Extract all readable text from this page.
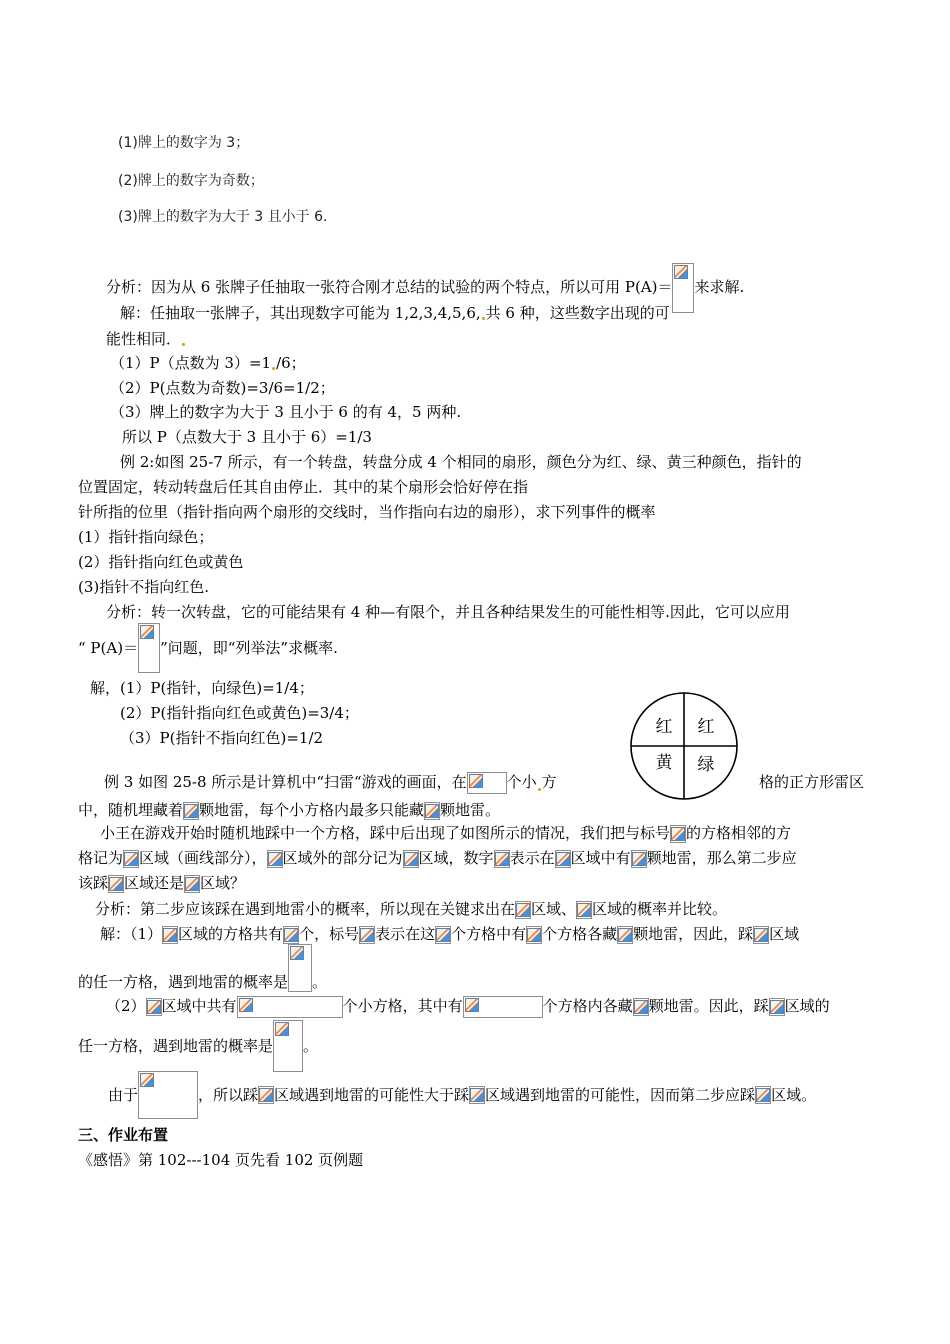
(1)牌上的数字为 3；
(2)牌上的数字为奇数；
(3)牌上的数字为大于 3 且小于 6.
分析：因为从 6 张牌子任抽取一张符合刚才总结的试验的两个特点，所以可用 P(A)＝ 来求解.
解：任抽取一张牌子，其出现数字可能为 1,2,3,4,5,6, 共 6 种，这些数字出现的可
能性相同．
（1）P（点数为 3）=1 /6；
（2）P(点数为奇数)=3/6=1/2；
（3）牌上的数字为大于 3 且小于 6 的有 4，5 两种.
所以 P（点数大于 3 且小于 6）=1/3
例 2:如图 25-7 所示，有一个转盘，转盘分成 4 个相同的扇形，颜色分为红、绿、黄三种颜色，指针的
位置固定，转动转盘后任其自由停止．其中的某个扇形会恰好停在指
针所指的位里（指针指向两个扇形的交线时，当作指向右边的扇形），求下列事件的概率
(1）指针指向绿色；
(2）指针指向红色或黄色
(3)指针不指向红色.
分析：转一次转盘，它的可能结果有 4 种—有限个，并且各种结果发生的可能性相等.因此，它可以应用
“ P(A)＝ ”问题，即“列举法”求概率.
解，(1）P(指针，向绿色)=1/4；
(2）P(指针指向红色或黄色)=3/4；
（3）P(指针不指向红色)=1/2
红 红
黄 绿
例 3 如图 25-8 所示是计算机中“扫雷“游戏的画面，在	个小 方	格的正方形雷区
中，随机埋藏着 颗地雷，每个小方格内最多只能藏 颗地雷。
小王在游戏开始时随机地踩中一个方格，踩中后出现了如图所示的情况，我们把与标号 的方格相邻的方
格记为 区域（画线部分）， 区域外的部分记为 区域，数字 表示在 区域中有 颗地雷，那么第二步应
该踩 区域还是 区域？
分析：第二步应该踩在遇到地雷小的概率，所以现在关键求出在 区域、 区域的概率并比较。
解：（1） 区域的方格共有 个，标号 表示在这 个方格中有 个方格各藏 颗地雷，因此，踩 区域
的任一方格，遇到地雷的概率是 。
（2） 区域中共有	个小方格，其中有	个方格内各藏 颗地雷。因此，踩 区域的
任一方格，遇到地雷的概率是 。
由于	，所以踩 区域遇到地雷的可能性大于踩 区域遇到地雷的可能性，因而第二步应踩 区域。
三、作业布置
《感悟》第 102---104 页先看 102 页例题
